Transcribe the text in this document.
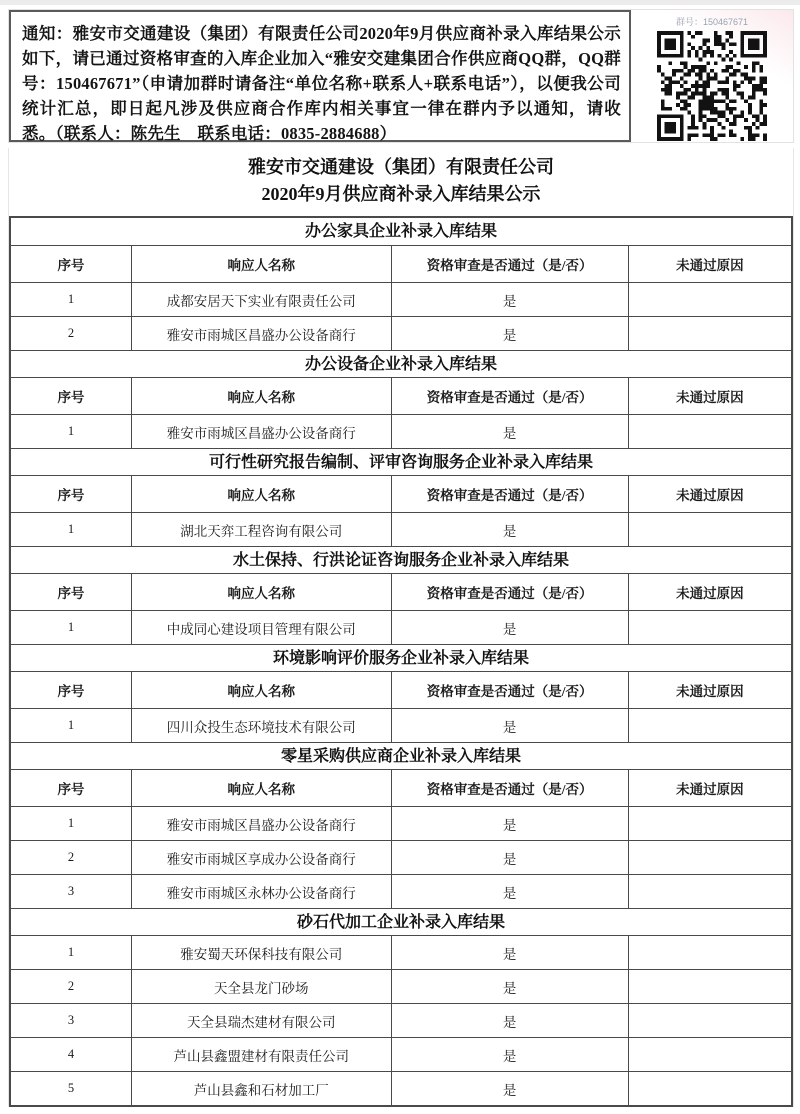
通知：雅安市交通建设（集团）有限责任公司2020年9月供应商补录入库结果公示如下，请已通过资格审查的入库企业加入“雅安交建集团合作供应商QQ群，QQ群号：150467671”（申请加群时请备注“单位名称+联系人+联系电话”），以便我公司统计汇总，即日起凡涉及供应商合作库内相关事宜一律在群内予以通知，请收悉。（联系人：陈先生　联系电话：0835-2884688）
群号：150467671
雅安市交通建设（集团）有限责任公司
2020年9月供应商补录入库结果公示
办公家具企业补录入库结果
序号	响应人名称	资格审查是否通过（是/否）	未通过原因
1	成都安居天下实业有限责任公司	是
2	雅安市雨城区昌盛办公设备商行	是
办公设备企业补录入库结果
序号	响应人名称	资格审查是否通过（是/否）	未通过原因
1	雅安市雨城区昌盛办公设备商行	是
可行性研究报告编制、评审咨询服务企业补录入库结果
序号	响应人名称	资格审查是否通过（是/否）	未通过原因
1	湖北天弈工程咨询有限公司	是
水土保持、行洪论证咨询服务企业补录入库结果
序号	响应人名称	资格审查是否通过（是/否）	未通过原因
1	中成同心建设项目管理有限公司	是
环境影响评价服务企业补录入库结果
序号	响应人名称	资格审查是否通过（是/否）	未通过原因
1	四川众投生态环境技术有限公司	是
零星采购供应商企业补录入库结果
序号	响应人名称	资格审查是否通过（是/否）	未通过原因
1	雅安市雨城区昌盛办公设备商行	是
2	雅安市雨城区享成办公设备商行	是
3	雅安市雨城区永林办公设备商行	是
砂石代加工企业补录入库结果
1	雅安蜀天环保科技有限公司	是
2	天全县龙门砂场	是
3	天全县瑞杰建材有限公司	是
4	芦山县鑫盟建材有限责任公司	是
5	芦山县鑫和石材加工厂	是
